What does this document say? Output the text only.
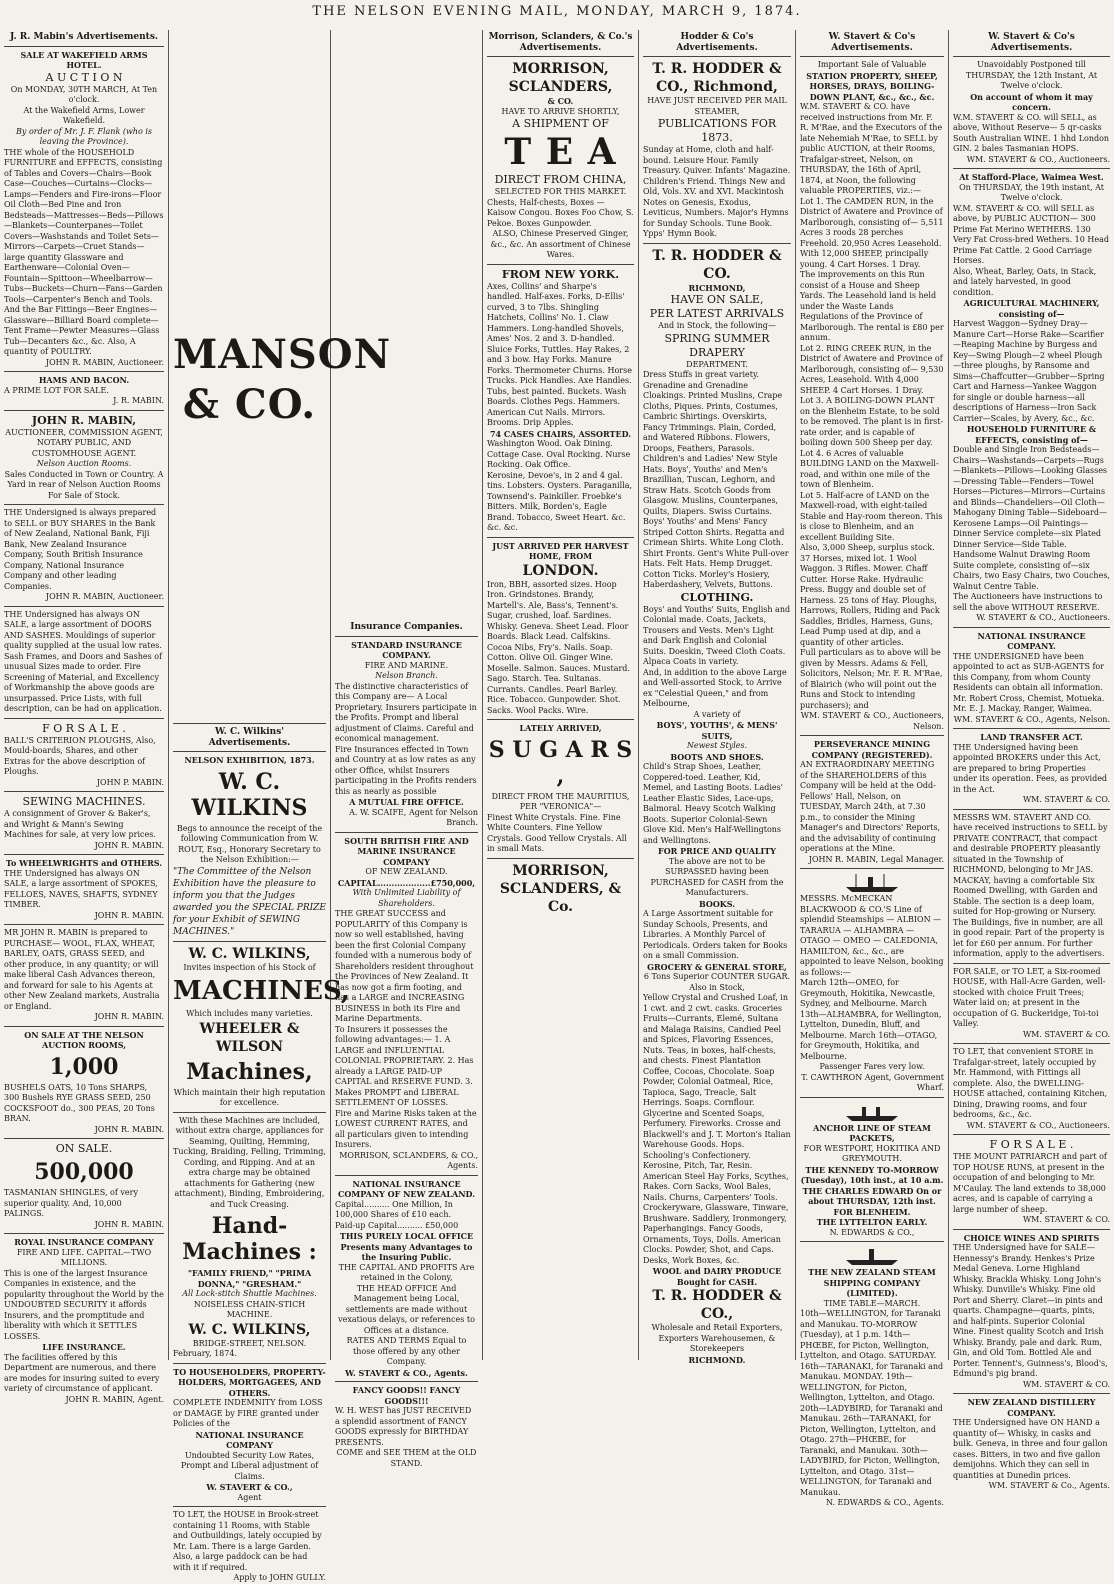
THE NELSON EVENING MAIL, MONDAY, MARCH 9, 1874.
J. R. Mabin's Advertisements.
SALE AT WAKEFIELD ARMS HOTEL.
A U C T I O N
On MONDAY, 30TH MARCH, At Ten o'clock.
At the Wakefield Arms, Lower Wakefield.
By order of Mr. J. F. Flank (who is leaving the Province).
THE whole of the HOUSEHOLD FURNITURE and EFFECTS, consisting of Tables and Covers—Chairs—Book Case—Couches—Curtains—Clocks—Lamps—Fenders and Fire-irons—Floor Oil Cloth—Bed Pine and Iron Bedsteads—Mattresses—Beds—Pillows—Blankets—Counterpanes—Toilet Covers—Washstands and Toilet Sets—Mirrors—Carpets—Cruet Stands—large quantity Glassware and Earthenware—Colonial Oven—Fountain—Spittoon—Wheelbarrow—Tubs—Buckets—Churn—Fans—Garden Tools—Carpenter's Bench and Tools.
And the Bar Fittings—Beer Engines—Glassware—Billiard Board complete—Tent Frame—Pewter Measures—Glass Tub—Decanters &c., &c. Also, A quantity of POULTRY.
JOHN R. MABIN, Auctioneer.
HAMS AND BACON.
A PRIME LOT FOR SALE.
J. R. MABIN.
JOHN R. MABIN,
AUCTIONEER, COMMISSION AGENT, NOTARY PUBLIC, AND CUSTOMHOUSE AGENT.
Nelson Auction Rooms.
Sales Conducted in Town or Country. A Yard in rear of Nelson Auction Rooms For Sale of Stock.
THE Undersigned is always prepared to SELL or BUY SHARES in the Bank of New Zealand, National Bank, Fiji Bank, New Zealand Insurance Company, South British Insurance Company, National Insurance Company and other leading Companies.
JOHN R. MABIN, Auctioneer.
THE Undersigned has always ON SALE, a large assortment of DOORS AND SASHES. Mouldings of superior quality supplied at the usual low rates. Sash Frames, and Doors and Sashes of unusual Sizes made to order. Fire Screening of Material, and Excellency of Workmanship the above goods are unsurpassed. Price Lists, with full description, can be had on application.
F O R S A L E .
BALL'S CRITERION PLOUGHS, Also, Mould-boards, Shares, and other Extras for the above description of Ploughs.
JOHN P. MABIN.
SEWING MACHINES.
A consignment of Grover & Baker's, and Wright & Mann's Sewing Machines for sale, at very low prices.
JOHN R. MABIN.
To WHEELWRIGHTS and OTHERS.
THE Undersigned has always ON SALE, a large assortment of SPOKES, FELLOES, NAVES, SHAFTS, SYDNEY TIMBER.
JOHN R. MABIN.
MR JOHN R. MABIN is prepared to PURCHASE— WOOL, FLAX, WHEAT, BARLEY, OATS, GRASS SEED, and other produce, in any quantity; or will make liberal Cash Advances thereon, and forward for sale to his Agents at other New Zealand markets, Australia or England.
JOHN R. MABIN.
ON SALE AT THE NELSON AUCTION ROOMS,
1,000
BUSHELS OATS, 10 Tons SHARPS, 300 Bushels RYE GRASS SEED, 250 COCKSFOOT do., 300 PEAS, 20 Tons BRAN.
JOHN R. MABIN.
ON SALE.
500,000
TASMANIAN SHINGLES, of very superior quality. And, 10,000 PALINGS.
JOHN R. MABIN.
ROYAL INSURANCE COMPANY
FIRE AND LIFE. CAPITAL—TWO MILLIONS.
This is one of the largest Insurance Companies in existence, and the popularity throughout the World by the UNDOUBTED SECURITY it affords Insurers, and the promptitude and liberality with which it SETTLES LOSSES.
LIFE INSURANCE.
The facilities offered by this Department are numerous, and there are modes for insuring suited to every variety of circumstance of applicant.
JOHN R. MABIN, Agent.
MANSON & CO.
W. C. Wilkins' Advertisements.
NELSON EXHIBITION, 1873.
W. C. WILKINS
Begs to announce the receipt of the following Communication from W. ROUT, Esq., Honorary Secretary to the Nelson Exhibition:—
"The Committee of the Nelson Exhibition have the pleasure to inform you that the Judges awarded you the SPECIAL PRIZE for your Exhibit of SEWING MACHINES."
W. C. WILKINS,
Invites inspection of his Stock of
MACHINES,
Which includes many varieties.
WHEELER & WILSON
Machines,
Which maintain their high reputation for excellence.
With these Machines are included, without extra charge, appliances for Seaming, Quilting, Hemming, Tucking, Braiding, Felling, Trimming, Cording, and Ripping. And at an extra charge may be obtained attachments for Gathering (new attachment), Binding, Embroidering, and Tuck Creasing.
Hand-Machines :
"FAMILY FRIEND," "PRIMA DONNA," "GRESHAM."
All Lock-stitch Shuttle Machines.
NOISELESS CHAIN-STICH MACHINE.
W. C. WILKINS,
BRIDGE-STREET, NELSON.
February, 1874.
TO HOUSEHOLDERS, PROPERTY-HOLDERS, MORTGAGEES, AND OTHERS.
COMPLETE INDEMNITY from LOSS or DAMAGE by FIRE granted under Policies of the
NATIONAL INSURANCE COMPANY
Undoubted Security Low Rates, Prompt and Liberal adjustment of Claims.
W. STAVERT & CO.,
Agent
TO LET, the HOUSE in Brook-street containing 11 Rooms, with Stable and Outbuildings, lately occupied by Mr. Lam. There is a large Garden. Also, a large paddock can be had with it if required.
Apply to JOHN GULLY.
Insurance Companies.
STANDARD INSURANCE COMPANY.
FIRE AND MARINE.
Nelson Branch.
The distinctive characteristics of this Company are— A Local Proprietary. Insurers participate in the Profits. Prompt and liberal adjustment of Claims. Careful and economical management.
Fire Insurances effected in Town and Country at as low rates as any other Office, whilst Insurers participating in the Profits renders this as nearly as possible
A MUTUAL FIRE OFFICE.
A. W. SCAIFE, Agent for Nelson Branch.
SOUTH BRITISH FIRE AND MARINE INSURANCE COMPANY
OF NEW ZEALAND.
CAPITAL...................£750,000,
With Unlimited Liability of Shareholders.
THE GREAT SUCCESS and POPULARITY of this Company is now so well established, having been the first Colonial Company founded with a numerous body of Shareholders resident throughout the Provinces of New Zealand. It has now got a firm footing, and has a LARGE and INCREASING BUSINESS in both its Fire and Marine Departments.
To Insurers it possesses the following advantages:— 1. A LARGE and INFLUENTIAL COLONIAL PROPRIETARY. 2. Has already a LARGE PAID-UP CAPITAL and RESERVE FUND. 3. Makes PROMPT and LIBERAL SETTLEMENT OF LOSSES.
Fire and Marine Risks taken at the LOWEST CURRENT RATES, and all particulars given to intending Insurers.
MORRISON, SCLANDERS, & CO., Agents.
NATIONAL INSURANCE COMPANY OF NEW ZEALAND.
Capital.......... One Million, In 100,000 Shares of £10 each.
Paid-up Capital.......... £50,000
THIS PURELY LOCAL OFFICE Presents many Advantages to the Insuring Public.
THE CAPITAL AND PROFITS Are retained in the Colony,
THE HEAD OFFICE And Management being Local, settlements are made without vexatious delays, or references to Offices at a distance.
RATES AND TERMS Equal to those offered by any other Company.
W. STAVERT & CO., Agents.
FANCY GOODS!! FANCY GOODS!!!
W. H. WEST has JUST RECEIVED a splendid assortment of FANCY GOODS expressly for BIRTHDAY PRESENTS.
COME and SEE THEM at the OLD STAND.
Morrison, Sclanders, & Co.'s Advertisements.
MORRISON, SCLANDERS,
& CO.
HAVE TO ARRIVE SHORTLY,
A SHIPMENT OF
T E A
DIRECT FROM CHINA,
SELECTED FOR THIS MARKET.
Chests, Half-chests, Boxes — Kaisow Congou. Boxes Foo Chow, S. Pekoe. Boxes Gunpowder.
ALSO, Chinese Preserved Ginger, &c., &c. An assortment of Chinese Wares.
FROM NEW YORK.
Axes, Collins' and Sharpe's handled. Half-axes. Forks, D-Ellis' curved, 3 to 7lbs. Shingling Hatchets, Collins' No. 1. Claw Hammers. Long-handled Shovels, Ames' Nos. 2 and 3. D-handled. Sluice Forks, Tuttles. Hay Rakes, 2 and 3 bow. Hay Forks. Manure Forks. Thermometer Churns. Horse Trucks. Pick Handles. Axe Handles. Tubs, best painted. Buckets. Wash Boards. Clothes Pegs. Hammers. American Cut Nails. Mirrors. Brooms. Drip Apples.
74 CASES CHAIRS, ASSORTED.
Washington Wood. Oak Dining. Cottage Case. Oval Rocking. Nurse Rocking. Oak Office.
Kerosine, Devoe's, in 2 and 4 gal. tins. Lobsters. Oysters. Paraganilla, Townsend's. Painkiller. Froebke's Bitters. Milk, Borden's, Eagle Brand. Tobacco, Sweet Heart. &c. &c. &c.
JUST ARRIVED PER HARVEST HOME, FROM
LONDON.
Iron, BBH, assorted sizes. Hoop Iron. Grindstones. Brandy, Martell's. Ale, Bass's, Tennent's. Sugar, crushed, loaf. Sardines. Whisky. Geneva. Sheet Lead. Floor Boards. Black Lead. Calfskins. Cocoa Nibs, Fry's. Nails. Soap. Cotton. Olive Oil. Ginger Wine. Moselle. Salmon. Sauces. Mustard. Sago. Starch. Tea. Sultanas. Currants. Candles. Pearl Barley. Rice. Tobacco. Gunpowder. Shot. Sacks. Wool Packs. Wire.
LATELY ARRIVED,
S U G A R S ,
DIRECT FROM THE MAURITIUS,
PER "VERONICA"—
Finest White Crystals. Fine. Fine White Counters. Fine Yellow Crystals. Good Yellow Crystals. All in small Mats.
MORRISON, SCLANDERS, & Co.
Hodder & Co's Advertisements.
T. R. HODDER & CO., Richmond,
HAVE JUST RECEIVED PER MAIL STEAMER,
PUBLICATIONS FOR 1873.
Sunday at Home, cloth and half-bound. Leisure Hour. Family Treasury. Quiver. Infants' Magazine. Children's Friend. Things New and Old, Vols. XV. and XVI. Mackintosh Notes on Genesis, Exodus, Leviticus, Numbers. Major's Hymns for Sunday Schools. Tune Book. Ypps' Hymn Book.
T. R. HODDER & CO.
RICHMOND,
HAVE ON SALE,
PER LATEST ARRIVALS
And in Stock, the following—
SPRING SUMMER DRAPERY
DEPARTMENT.
Dress Stuffs in great variety. Grenadine and Grenadine Cloakings. Printed Muslins, Crape Cloths, Piques. Prints, Costumes, Cambric Shirtings. Overskirts, Fancy Trimmings. Plain, Corded, and Watered Ribbons. Flowers, Droops, Feathers, Parasols. Children's and Ladies' New Style Hats. Boys', Youths' and Men's Brazillian, Tuscan, Leghorn, and Straw Hats. Scotch Goods from Glasgow. Muslins, Counterpanes, Quilts, Diapers. Swiss Curtains. Boys' Youths' and Mens' Fancy Striped Cotton Shirts. Regatta and Crimean Shirts. White Long Cloth. Shirt Fronts. Gent's White Pull-over Hats. Felt Hats. Hemp Drugget. Cotton Ticks. Morley's Hosiery, Haberdashery, Velvets, Buttons.
CLOTHING.
Boys' and Youths' Suits, English and Colonial made. Coats, Jackets, Trousers and Vests. Men's Light and Dark English and Colonial Suits. Doeskin, Tweed Cloth Coats. Alpaca Coats in variety.
And, in addition to the above Large and Well-assorted Stock, to Arrive ex "Celestial Queen," and from Melbourne,
A variety of
BOYS', YOUTHS', & MENS' SUITS,
Newest Styles.
BOOTS AND SHOES.
Child's Strap Shoes, Leather, Coppered-toed. Leather, Kid, Memel, and Lasting Boots. Ladies' Leather Elastic Sides, Lace-ups, Balmoral. Heavy Scotch Walking Boots. Superior Colonial-Sewn Glove Kid. Men's Half-Wellingtons and Wellingtons.
FOR PRICE AND QUALITY
The above are not to be SURPASSED having been PURCHASED for CASH from the Manufacturers.
BOOKS.
A Large Assortment suitable for Sunday Schools, Presents, and Libraries. A Monthly Parcel of Periodicals. Orders taken for Books on a small Commission.
GROCERY & GENERAL STORE,
6 Tons Superior COUNTER SUGAR. Also in Stock,
Yellow Crystal and Crushed Loaf, in 1 cwt. and 2 cwt. casks. Groceries Fruits—Currants, Elemé, Sultana and Malaga Raisins, Candied Peel and Spices, Flavoring Essences, Nuts. Teas, in boxes, half-chests, and chests. Finest Plantation Coffee, Cocoas, Chocolate. Soap Powder, Colonial Oatmeal, Rice, Tapioca, Sago, Treacle, Salt Herrings. Soaps. Cornflour. Glycerine and Scented Soaps, Perfumery. Fireworks. Crosse and Blackwell's and J. T. Morton's Italian Warehouse Goods. Hops. Schooling's Confectionery. Kerosine, Pitch, Tar, Resin. American Steel Hay Forks, Scythes, Rakes. Corn Sacks, Wool Bales, Nails. Churns, Carpenters' Tools. Crockeryware, Glassware, Tinware, Brushware. Saddlery, Ironmongery, Paperhangings. Fancy Goods, Ornaments, Toys, Dolls. American Clocks. Powder, Shot, and Caps. Desks, Work Boxes, &c.
WOOL and DAIRY PRODUCE Bought for CASH.
T. R. HODDER & CO.,
Wholesale and Retail Exporters, Exporters Warehousemen, & Storekeepers
RICHMOND.
W. Stavert & Co's Advertisements.
Important Sale of Valuable
STATION PROPERTY, SHEEP, HORSES, DRAYS, BOILING-DOWN PLANT, &c., &c., &c.
W.M. STAVERT & CO. have received instructions from Mr. F. R. M'Rae, and the Executors of the late Nehemiah M'Rae, to SELL by public AUCTION, at their Rooms, Trafalgar-street, Nelson, on THURSDAY, the 16th of April, 1874, at Noon, the following valuable PROPERTIES, viz.:—
Lot 1. The CAMDEN RUN, in the District of Awatere and Province of Marlborough, consisting of— 5,511 Acres 3 roods 28 perches Freehold. 20,950 Acres Leasehold. With 12,000 SHEEP, principally young. 4 Cart Horses. 1 Dray.
The improvements on this Run consist of a House and Sheep Yards. The Leasehold land is held under the Waste Lands Regulations of the Province of Marlborough. The rental is £80 per annum.
Lot 2. RING CREEK RUN, in the District of Awatere and Province of Marlborough, consisting of— 9,530 Acres, Leasehold. With 4,000 SHEEP. 4 Cart Horses. 1 Dray.
Lot 3. A BOILING-DOWN PLANT on the Blenheim Estate, to be sold to be removed. The plant is in first-rate order, and is capable of boiling down 500 Sheep per day.
Lot 4. 6 Acres of valuable BUILDING LAND on the Maxwell-road, and within one mile of the town of Blenheim.
Lot 5. Half-acre of LAND on the Maxwell-road, with eight-tailed Stable and Hay-room thereon. This is close to Blenheim, and an excellent Building Site.
Also, 3,000 Sheep, surplus stock. 37 Horses, mixed lot. 1 Wool Waggon. 3 Rifles. Mower. Chaff Cutter. Horse Rake. Hydraulic Press. Buggy and double set of Harness. 25 tons of Hay. Ploughs, Harrows, Rollers, Riding and Pack Saddles, Bridles, Harness, Guns, Lead Pump used at dip, and a quantity of other articles.
Full particulars as to above will be given by Messrs. Adams & Fell, Solicitors, Nelson; Mr. F. R. M'Rae, of Blairich (who will point out the Runs and Stock to intending purchasers); and
WM. STAVERT & CO., Auctioneers, Nelson.
PERSEVERANCE MINING COMPANY (REGISTERED).
AN EXTRAORDINARY MEETING of the SHAREHOLDERS of this Company will be held at the Odd-Fellows' Hall, Nelson, on TUESDAY, March 24th, at 7.30 p.m., to consider the Mining Manager's and Directors' Reports, and the advisability of continuing operations at the Mine.
JOHN R. MABIN, Legal Manager.
MESSRS. McMECKAN BLACKWOOD & CO.'S Line of splendid Steamships — ALBION — TARARUA — ALHAMBRA — OTAGO — OMEO — CALEDONIA, HAMILTON, &c., &c., are appointed to leave Nelson, booking as follows:—
March 12th—OMEO, for Greymouth, Hokitika, Newcastle, Sydney, and Melbourne. March 13th—ALHAMBRA, for Wellington, Lyttelton, Dunedin, Bluff, and Melbourne. March 16th—OTAGO, for Greymouth, Hokitika, and Melbourne.
Passenger Fares very low.
T. CAWTHRON Agent, Government Wharf.
ANCHOR LINE OF STEAM PACKETS,
FOR WESTPORT, HOKITIKA AND GREYMOUTH.
THE KENNEDY TO-MORROW (Tuesday), 10th inst., at 10 a.m.
THE CHARLES EDWARD On or about THURSDAY, 12th inst.
FOR BLENHEIM.
THE LYTTELTON EARLY.
N. EDWARDS & CO.,
THE NEW ZEALAND STEAM SHIPPING COMPANY (LIMITED).
TIME TABLE—MARCH.
10th—WELLINGTON, for Taranaki and Manukau. TO-MORROW (Tuesday), at 1 p.m. 14th—PHŒBE, for Picton, Wellington, Lyttelton, and Otago. SATURDAY. 16th—TARANAKI, for Taranaki and Manukau. MONDAY. 19th—WELLINGTON, for Picton, Wellington, Lyttelton, and Otago. 20th—LADYBIRD, for Taranaki and Manukau. 26th—TARANAKI, for Picton, Wellington, Lyttelton, and Otago. 27th—PHŒBE, for Taranaki, and Manukau. 30th—LADYBIRD, for Picton, Wellington, Lyttelton, and Otago. 31st—WELLINGTON, for Taranaki and Manukau.
N. EDWARDS & CO., Agents.
W. Stavert & Co's Advertisements.
Unavoidably Postponed till THURSDAY, the 12th Instant, At Twelve o'clock.
On account of whom it may concern.
W.M. STAVERT & CO. will SELL, as above, Without Reserve— 5 qr-casks South Australian WINE. 1 hhd London GIN. 2 bales Tasmanian HOPS.
WM. STAVERT & CO., Auctioneers.
At Stafford-Place, Waimea West.
On THURSDAY, the 19th instant, At Twelve o'clock.
W.M. STAVERT & CO. will SELL as above, by PUBLIC AUCTION— 300 Prime Fat Merino WETHERS. 130 Very Fat Cross-bred Wethers. 10 Head Prime Fat Cattle. 2 Good Carriage Horses.
Also, Wheat, Barley, Oats, in Stack, and lately harvested, in good condition.
AGRICULTURAL MACHINERY, consisting of—
Harvest Waggon—Sydney Dray—Manure Cart—Horse Rake—Scarifier—Reaping Machine by Burgess and Key—Swing Plough—2 wheel Plough—three ploughs, by Ransome and Sims—Chaffcutter—Grubber—Spring Cart and Harness—Yankee Waggon for single or double harness—all descriptions of Harness—Iron Sack Carrier—Scales, by Avery, &c., &c.
HOUSEHOLD FURNITURE & EFFECTS, consisting of—
Double and Single Iron Bedsteads—Chairs—Washstands—Carpets—Rugs—Blankets—Pillows—Looking Glasses—Dressing Table—Fenders—Towel Horses—Pictures—Mirrors—Curtains and Blinds—Chandeliers—Oil Cloth—Mahogany Dining Table—Sideboard—Kerosene Lamps—Oil Paintings—Dinner Service complete—six Plated Dinner Service—Side Table. Handsome Walnut Drawing Room Suite complete, consisting of—six Chairs, two Easy Chairs, two Couches, Walnut Centre Table.
The Auctioneers have instructions to sell the above WITHOUT RESERVE.
W. STAVERT & CO., Auctioneers.
NATIONAL INSURANCE COMPANY.
THE UNDERSIGNED have been appointed to act as SUB-AGENTS for this Company, from whom County Residents can obtain all information. Mr. Robert Cross, Chemist, Motueka. Mr. E. J. Mackay, Ranger, Waimea.
WM. STAVERT & CO., Agents, Nelson.
LAND TRANSFER ACT.
THE Undersigned having been appointed BROKERS under this Act, are prepared to bring Properties under its operation. Fees, as provided in the Act.
WM. STAVERT & CO.
MESSRS WM. STAVERT AND CO. have received instructions to SELL by PRIVATE CONTRACT, that compact and desirable PROPERTY pleasantly situated in the Township of RICHMOND, belonging to Mr JAS. MACKAY, having a comfortable Six Roomed Dwelling, with Garden and Stable. The section is a deep loam, suited for Hop-growing or Nursery. The Buildings, five in number, are all in good repair. Part of the property is let for £60 per annum. For further information, apply to the advertisers.
FOR SALE, or TO LET, a Six-roomed HOUSE, with Hall-Acre Garden, well-stocked with choice Fruit Trees; Water laid on; at present in the occupation of G. Buckeridge, Toi-toi Valley.
WM. STAVERT & CO.
TO LET, that convenient STORE in Trafalgar-street, lately occupied by Mr. Hammond, with Fittings all complete. Also, the DWELLING-HOUSE attached, containing Kitchen, Dining, Drawing rooms, and four bedrooms, &c., &c.
WM. STAVERT & CO., Auctioneers.
F O R S A L E .
THE MOUNT PATRIARCH and part of TOP HOUSE RUNS, at present in the occupation of and belonging to Mr. M'Caulay. The land extends to 38,000 acres, and is capable of carrying a large number of sheep.
WM. STAVERT & CO.
CHOICE WINES AND SPIRITS
THE Undersigned have for SALE— Hennessy's Brandy. Henkes's Prize Medal Geneva. Lorne Highland Whisky. Brackla Whisky. Long John's Whisky. Dunville's Whisky. Fine old Port and Sherry. Claret—in pints and quarts. Champagne—quarts, pints, and half-pints. Superior Colonial Wine. Finest quality Scotch and Irish Whisky. Brandy, pale and dark. Rum, Gin, and Old Tom. Bottled Ale and Porter. Tennent's, Guinness's, Blood's, Edmund's pig brand.
WM. STAVERT & CO.
NEW ZEALAND DISTILLERY COMPANY.
THE Undersigned have ON HAND a quantity of— Whisky, in casks and bulk. Geneva, in three and four gallon cases. Bitters, in two and five gallon demijohns. Which they can sell in quantities at Dunedin prices.
WM. STAVERT & Co., Agents.
